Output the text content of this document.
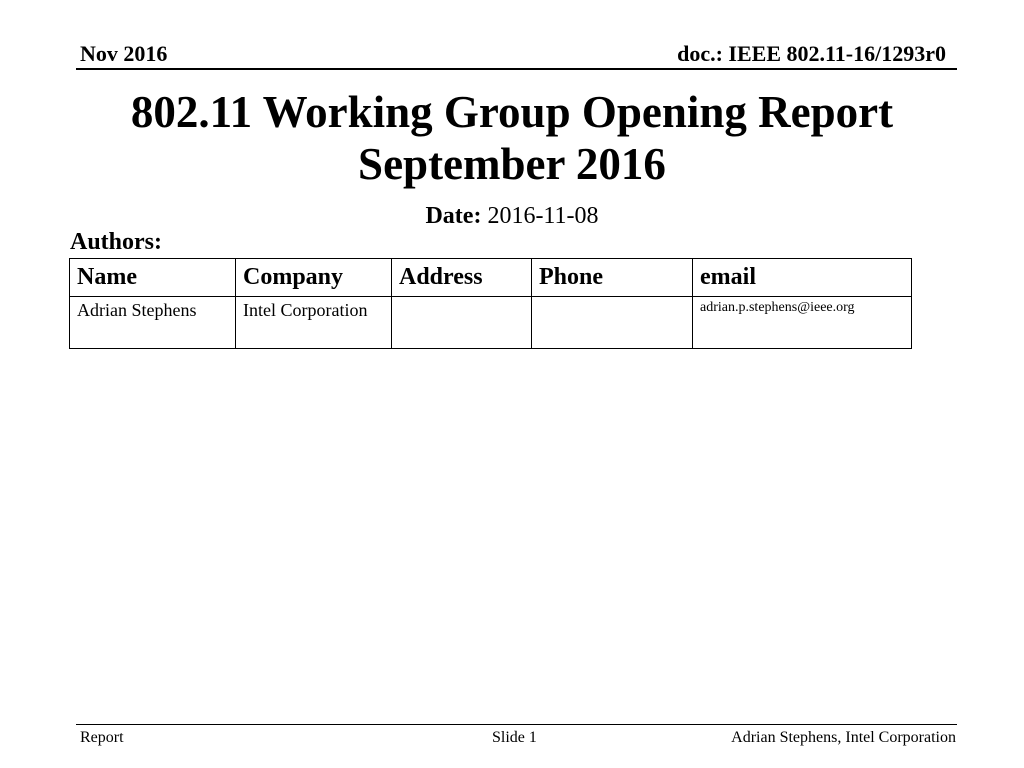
Nov 2016	doc.: IEEE 802.11-16/1293r0
802.11 Working Group Opening Report
September 2016
Date: 2016-11-08
Authors:
Name	Company	Address	Phone	email
Adrian Stephens	Intel Corporation			adrian.p.stephens@ieee.org
Report	Slide 1	Adrian Stephens, Intel Corporation
